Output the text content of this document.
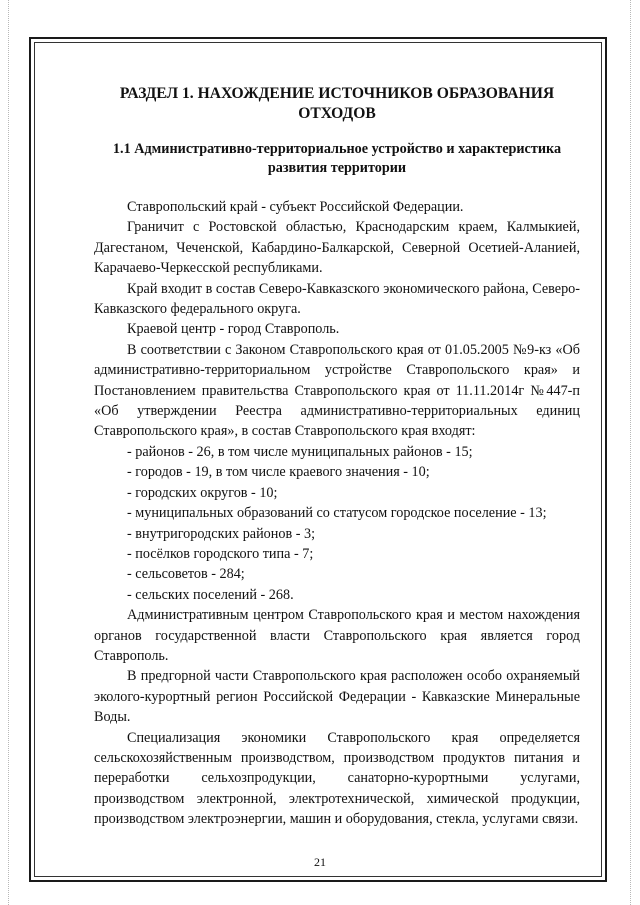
РАЗДЕЛ 1. НАХОЖДЕНИЕ ИСТОЧНИКОВ ОБРАЗОВАНИЯ ОТХОДОВ
1.1 Административно-территориальное устройство и характеристика развития территории

Ставропольский край - субъект Российской Федерации.

Граничит с Ростовской областью, Краснодарским краем, Калмыкией, Дагестаном, Чеченской, Кабардино-Балкарской, Северной Осетией-Аланией, Карачаево-Черкесской республиками.

Край входит в состав Северо-Кавказского экономического района, Северо-Кавказского федерального округа.

Краевой центр - город Ставрополь.

В соответствии с Законом Ставропольского края от 01.05.2005 №9-кз «Об административно-территориальном устройстве Ставропольского края» и Постановлением правительства Ставропольского края от 11.11.2014г №447-п «Об утверждении Реестра административно-территориальных единиц Ставропольского края», в состав Ставропольского края входят:

- районов - 26, в том числе муниципальных районов - 15;
- городов - 19, в том числе краевого значения - 10;
- городских округов - 10;
- муниципальных образований со статусом городское поселение - 13;
- внутригородских районов - 3;
- посёлков городского типа - 7;
- сельсоветов - 284;
- сельских поселений - 268.

Административным центром Ставропольского края и местом нахождения органов государственной власти Ставропольского края является город Ставрополь.

В предгорной части Ставропольского края расположен особо охраняемый эколого-курортный регион Российской Федерации - Кавказские Минеральные Воды.

Специализация экономики Ставропольского края определяется сельскохозяйственным производством, производством продуктов питания и переработки сельхозпродукции, санаторно-курортными услугами, производством электронной, электротехнической, химической продукции, производством электроэнергии, машин и оборудования, стекла, услугами связи.

21
